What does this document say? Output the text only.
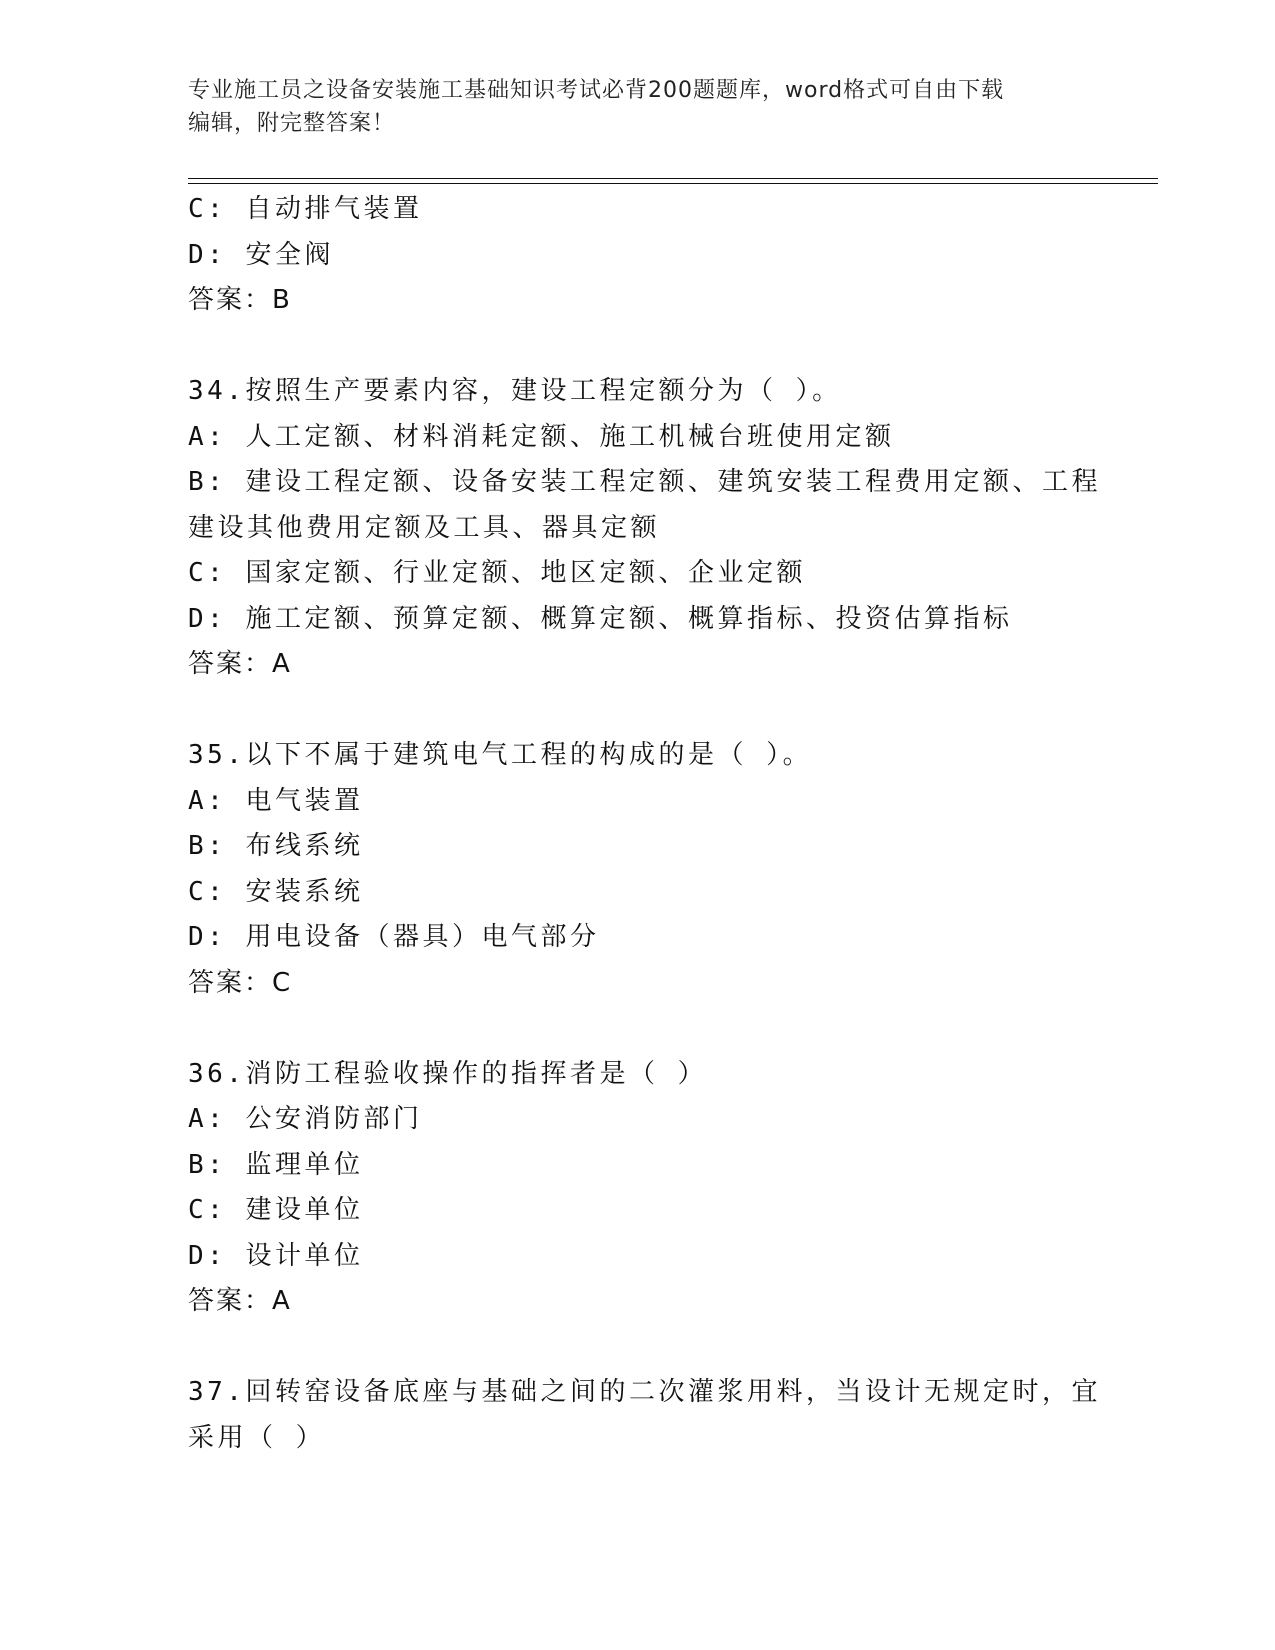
专业施工员之设备安装施工基础知识考试必背200题题库，word格式可自由下载
编辑，附完整答案！
C: 自动排气装置
D: 安全阀
答案：B
34.按照生产要素内容，建设工程定额分为（ ）。
A: 人工定额、材料消耗定额、施工机械台班使用定额
B: 建设工程定额、设备安装工程定额、建筑安装工程费用定额、工程
建设其他费用定额及工具、器具定额
C: 国家定额、行业定额、地区定额、企业定额
D: 施工定额、预算定额、概算定额、概算指标、投资估算指标
答案：A
35.以下不属于建筑电气工程的构成的是（ ）。
A: 电气装置
B: 布线系统
C: 安装系统
D: 用电设备（器具）电气部分
答案：C
36.消防工程验收操作的指挥者是（ ）
A: 公安消防部门
B: 监理单位
C: 建设单位
D: 设计单位
答案：A
37.回转窑设备底座与基础之间的二次灌浆用料，当设计无规定时，宜
采用（ ）
